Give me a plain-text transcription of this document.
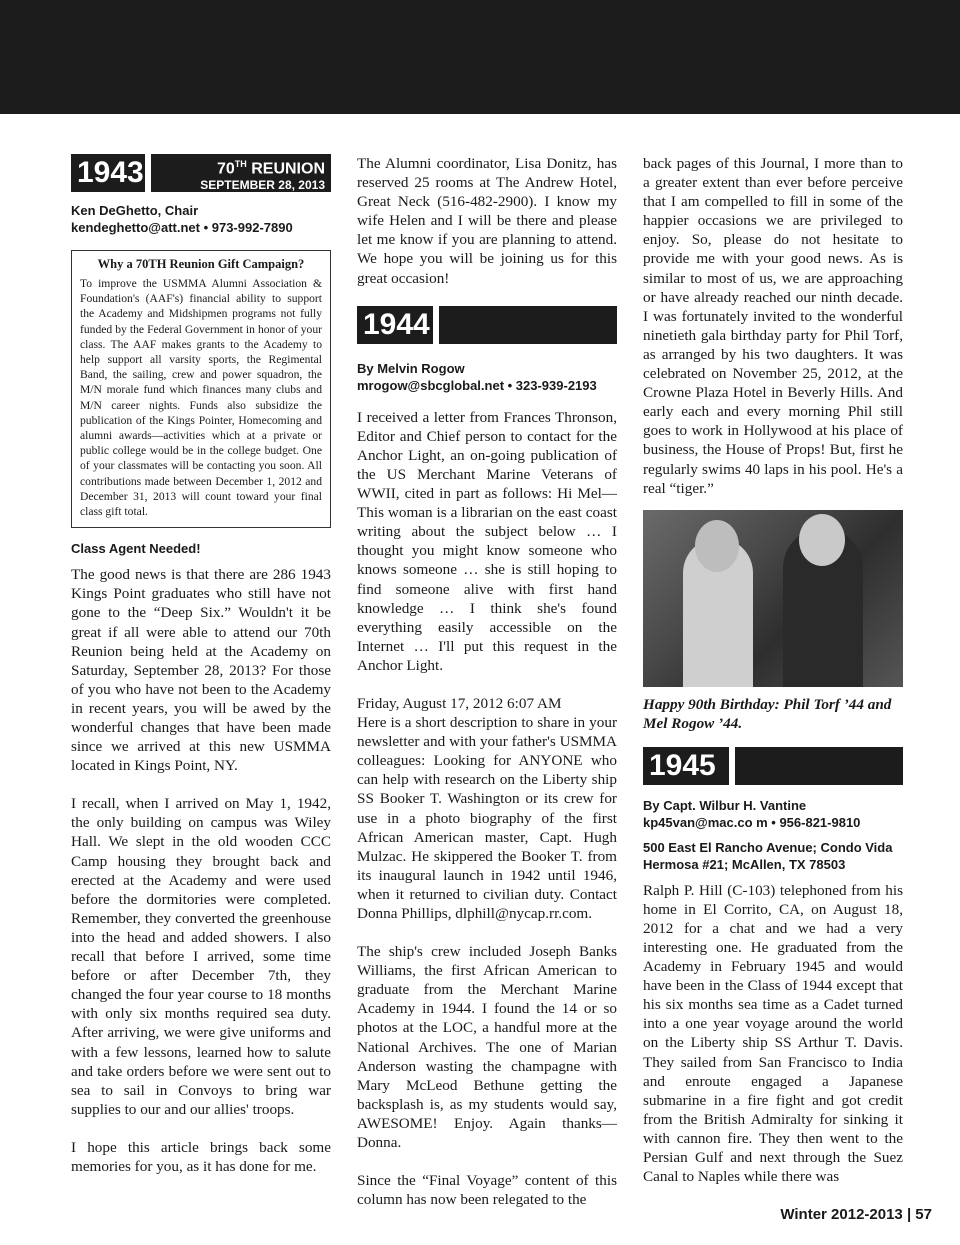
CLASS NEWS
1943	70TH REUNION
SEPTEMBER 28, 2013
Ken DeGhetto, Chair
kendeghetto@att.net • 973-992-7890
Why a 70TH Reunion Gift Campaign?

To improve the USMMA Alumni Association & Foundation's (AAF's) financial ability to support the Academy and Midshipmen programs not fully funded by the Federal Government in honor of your class. The AAF makes grants to the Academy to help support all varsity sports, the Regimental Band, the sailing, crew and power squadron, the M/N morale fund which finances many clubs and M/N career nights. Funds also subsidize the publication of the Kings Pointer, Homecoming and alumni awards—activities which at a private or public college would be in the college budget. One of your classmates will be contacting you soon. All contributions made between December 1, 2012 and December 31, 2013 will count toward your final class gift total.

Class Agent Needed!

The good news is that there are 286 1943 Kings Point graduates who still have not gone to the “Deep Six.” Wouldn't it be great if all were able to attend our 70th Reunion being held at the Academy on Saturday, September 28, 2013? For those of you who have not been to the Academy in recent years, you will be awed by the wonderful changes that have been made since we arrived at this new USMMA located in Kings Point, NY.

I recall, when I arrived on May 1, 1942, the only building on campus was Wiley Hall. We slept in the old wooden CCC Camp housing they brought back and erected at the Academy and were used before the dormitories were completed. Remember, they converted the greenhouse into the head and added showers. I also recall that before I arrived, some time before or after December 7th, they changed the four year course to 18 months with only six months required sea duty. After arriving, we were give uniforms and with a few lessons, learned how to salute and take orders before we were sent out to sea to sail in Convoys to bring war supplies to our and our allies' troops.

I hope this article brings back some memories for you, as it has done for me.

The Alumni coordinator, Lisa Donitz, has reserved 25 rooms at The Andrew Hotel, Great Neck (516-482-2900). I know my wife Helen and I will be there and please let me know if you are planning to attend. We hope you will be joining us for this great occasion!

1944
By Melvin Rogow
mrogow@sbcglobal.net • 323-939-2193

I received a letter from Frances Thronson, Editor and Chief person to contact for the Anchor Light, an on-going publication of the US Merchant Marine Veterans of WWII, cited in part as follows: Hi Mel—This woman is a librarian on the east coast writing about the subject below … I thought you might know someone who knows someone … she is still hoping to find someone alive with first hand knowledge … I think she's found everything easily accessible on the Internet … I'll put this request in the Anchor Light.

Friday, August 17, 2012 6:07 AM

Here is a short description to share in your newsletter and with your father's USMMA colleagues: Looking for ANYONE who can help with research on the Liberty ship SS Booker T. Washington or its crew for use in a photo biography of the first African American master, Capt. Hugh Mulzac. He skippered the Booker T. from its inaugural launch in 1942 until 1946, when it returned to civilian duty. Contact Donna Phillips, dlphill@nycap.rr.com.

The ship's crew included Joseph Banks Williams, the first African American to graduate from the Merchant Marine Academy in 1944. I found the 14 or so photos at the LOC, a handful more at the National Archives. The one of Marian Anderson wasting the champagne with Mary McLeod Bethune getting the backsplash is, as my students would say, AWESOME! Enjoy. Again thanks—Donna.

Since the “Final Voyage” content of this column has now been relegated to the

back pages of this Journal, I more than to a greater extent than ever before perceive that I am compelled to fill in some of the happier occasions we are privileged to enjoy. So, please do not hesitate to provide me with your good news. As is similar to most of us, we are approaching or have already reached our ninth decade. I was fortunately invited to the wonderful ninetieth gala birthday party for Phil Torf, as arranged by his two daughters. It was celebrated on November 25, 2012, at the Crowne Plaza Hotel in Beverly Hills. And early each and every morning Phil still goes to work in Hollywood at his place of business, the House of Props! But, first he regularly swims 40 laps in his pool. He's a real “tiger.”

Happy 90th Birthday: Phil Torf ’44 and Mel Rogow ’44.

1945
By Capt. Wilbur H. Vantine
kp45van@mac.co m • 956-821-9810
500 East El Rancho Avenue; Condo Vida Hermosa #21; McAllen, TX 78503

Ralph P. Hill (C-103) telephoned from his home in El Corrito, CA, on August 18, 2012 for a chat and we had a very interesting one. He graduated from the Academy in February 1945 and would have been in the Class of 1944 except that his six months sea time as a Cadet turned into a one year voyage around the world on the Liberty ship SS Arthur T. Davis. They sailed from San Francisco to India and enroute engaged a Japanese submarine in a fire fight and got credit from the British Admiralty for sinking it with cannon fire. They then went to the Persian Gulf and next through the Suez Canal to Naples while there was

Winter 2012-2013 | 57
